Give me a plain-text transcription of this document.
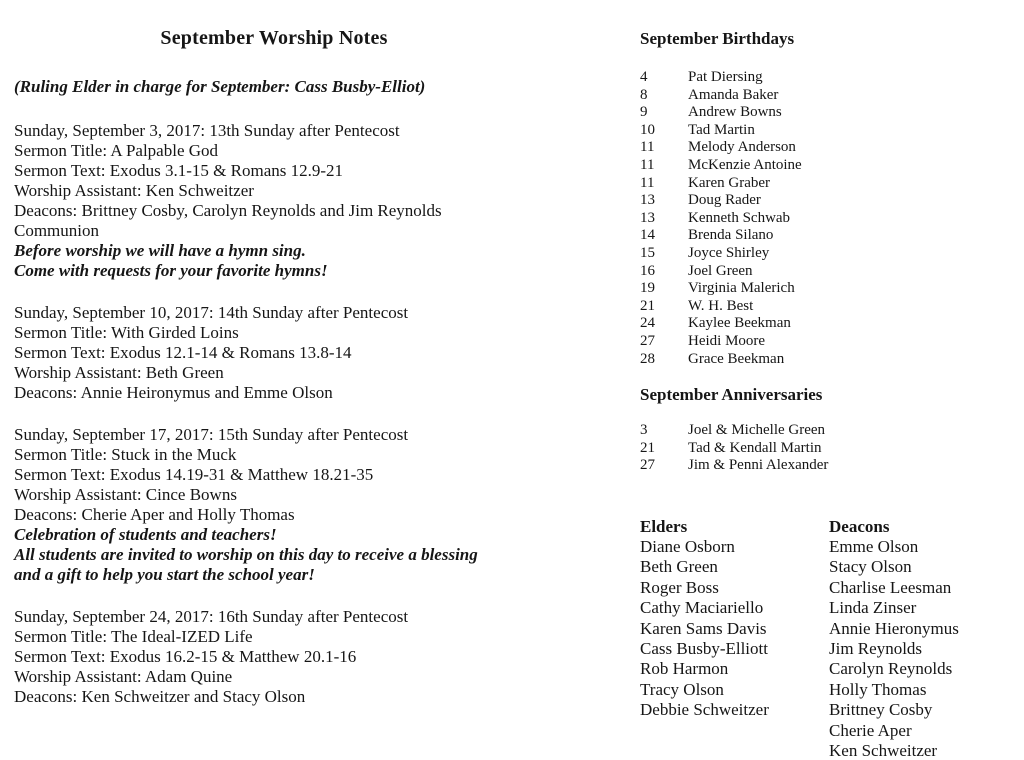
September Worship Notes
(Ruling Elder in charge for September: Cass Busby-Elliot)
Sunday, September 3, 2017: 13th Sunday after Pentecost
Sermon Title: A Palpable God
Sermon Text: Exodus 3.1-15 & Romans 12.9-21
Worship Assistant: Ken Schweitzer
Deacons: Brittney Cosby, Carolyn Reynolds and Jim Reynolds
Communion
Before worship we will have a hymn sing.
Come with requests for your favorite hymns!
Sunday, September 10, 2017: 14th Sunday after Pentecost
Sermon Title: With Girded Loins
Sermon Text: Exodus 12.1-14 & Romans 13.8-14
Worship Assistant: Beth Green
Deacons: Annie Heironymus and Emme Olson
Sunday, September 17, 2017: 15th Sunday after Pentecost
Sermon Title: Stuck in the Muck
Sermon Text: Exodus 14.19-31 & Matthew 18.21-35
Worship Assistant: Cince Bowns
Deacons: Cherie Aper and Holly Thomas
Celebration of students and teachers!
All students are invited to worship on this day to receive a blessing
and a gift to help you start the school year!
Sunday, September 24, 2017: 16th Sunday after Pentecost
Sermon Title: The Ideal-IZED Life
Sermon Text: Exodus 16.2-15 & Matthew 20.1-16
Worship Assistant: Adam Quine
Deacons: Ken Schweitzer and Stacy Olson
September Birthdays
4	Pat Diersing
8	Amanda Baker
9	Andrew Bowns
10 Tad Martin
11 Melody Anderson
11 McKenzie Antoine
11 Karen Graber
13 Doug Rader
13 Kenneth Schwab
14 Brenda Silano
15 Joyce Shirley
16 Joel Green
19 Virginia Malerich
21 W. H. Best
24 Kaylee Beekman
27 Heidi Moore
28 Grace Beekman
September Anniversaries
3	Joel & Michelle Green
21 Tad & Kendall Martin
27 Jim & Penni Alexander
Elders
Diane Osborn
Beth Green
Roger Boss
Cathy Maciariello
Karen Sams Davis
Cass Busby-Elliott
Rob Harmon
Tracy Olson
Debbie Schweitzer
Deacons
Emme Olson
Stacy Olson
Charlise Leesman
Linda Zinser
Annie Hieronymus
Jim Reynolds
Carolyn Reynolds
Holly Thomas
Brittney Cosby
Cherie Aper
Ken Schweitzer
